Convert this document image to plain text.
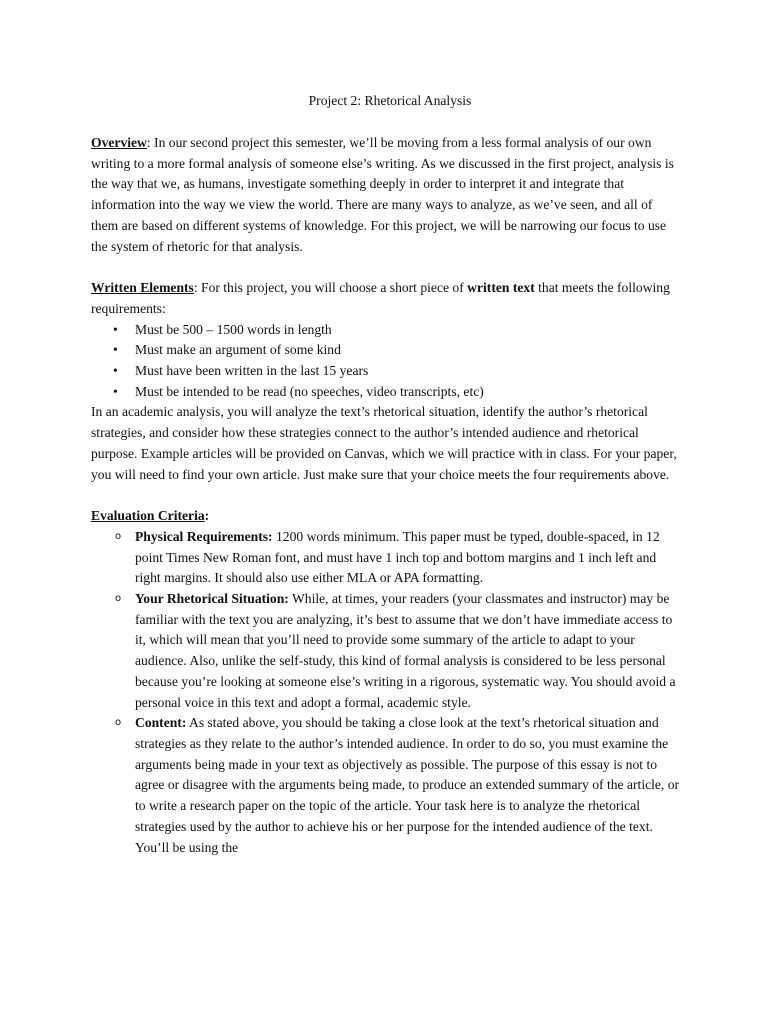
Project 2: Rhetorical Analysis

Overview: In our second project this semester, we’ll be moving from a less formal analysis of our own writing to a more formal analysis of someone else’s writing. As we discussed in the first project, analysis is the way that we, as humans, investigate something deeply in order to interpret it and integrate that information into the way we view the world. There are many ways to analyze, as we’ve seen, and all of them are based on different systems of knowledge. For this project, we will be narrowing our focus to use the system of rhetoric for that analysis.

Written Elements: For this project, you will choose a short piece of written text that meets the following requirements:

• Must be 500 – 1500 words in length
• Must make an argument of some kind
• Must have been written in the last 15 years
• Must be intended to be read (no speeches, video transcripts, etc)

In an academic analysis, you will analyze the text’s rhetorical situation, identify the author’s rhetorical strategies, and consider how these strategies connect to the author’s intended audience and rhetorical purpose. Example articles will be provided on Canvas, which we will practice with in class. For your paper, you will need to find your own article. Just make sure that your choice meets the four requirements above.

Evaluation Criteria:

o Physical Requirements: 1200 words minimum. This paper must be typed, double-spaced, in 12 point Times New Roman font, and must have 1 inch top and bottom margins and 1 inch left and right margins. It should also use either MLA or APA formatting.
o Your Rhetorical Situation: While, at times, your readers (your classmates and instructor) may be familiar with the text you are analyzing, it’s best to assume that we don’t have immediate access to it, which will mean that you’ll need to provide some summary of the article to adapt to your audience. Also, unlike the self-study, this kind of formal analysis is considered to be less personal because you’re looking at someone else’s writing in a rigorous, systematic way. You should avoid a personal voice in this text and adopt a formal, academic style.
o Content: As stated above, you should be taking a close look at the text’s rhetorical situation and strategies as they relate to the author’s intended audience. In order to do so, you must examine the arguments being made in your text as objectively as possible. The purpose of this essay is not to agree or disagree with the arguments being made, to produce an extended summary of the article, or to write a research paper on the topic of the article. Your task here is to analyze the rhetorical strategies used by the author to achieve his or her purpose for the intended audience of the text. You’ll be using the
